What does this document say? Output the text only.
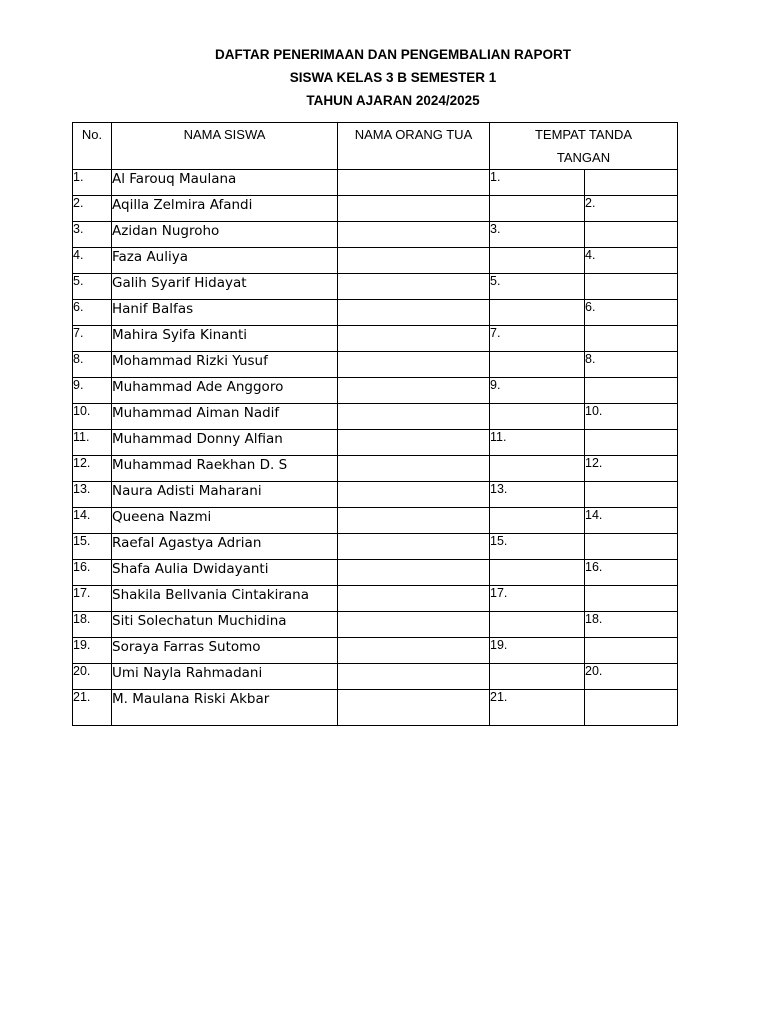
DAFTAR PENERIMAAN DAN PENGEMBALIAN RAPORT
SISWA KELAS 3 B SEMESTER 1
TAHUN AJARAN 2024/2025
No.	NAMA SISWA	NAMA ORANG TUA	TEMPAT TANDA TANGAN	
1.	Al Farouq Maulana		1.	
2.	Aqilla Zelmira Afandi			2.
3.	Azidan Nugroho		3.	
4.	Faza Auliya			4.
5.	Galih Syarif Hidayat		5.	
6.	Hanif Balfas			6.
7.	Mahira Syifa Kinanti		7.	
8.	Mohammad Rizki Yusuf			8.
9.	Muhammad Ade Anggoro		9.	
10.	Muhammad Aiman Nadif			10.
11.	Muhammad Donny Alfian		11.	
12.	Muhammad Raekhan D. S			12.
13.	Naura Adisti Maharani		13.	
14.	Queena Nazmi			14.
15.	Raefal Agastya Adrian		15.	
16.	Shafa Aulia Dwidayanti			16.
17.	Shakila Bellvania Cintakirana		17.	
18.	Siti Solechatun Muchidina			18.
19.	Soraya Farras Sutomo		19.	
20.	Umi Nayla Rahmadani			20.
21.	M. Maulana Riski Akbar		21.	
